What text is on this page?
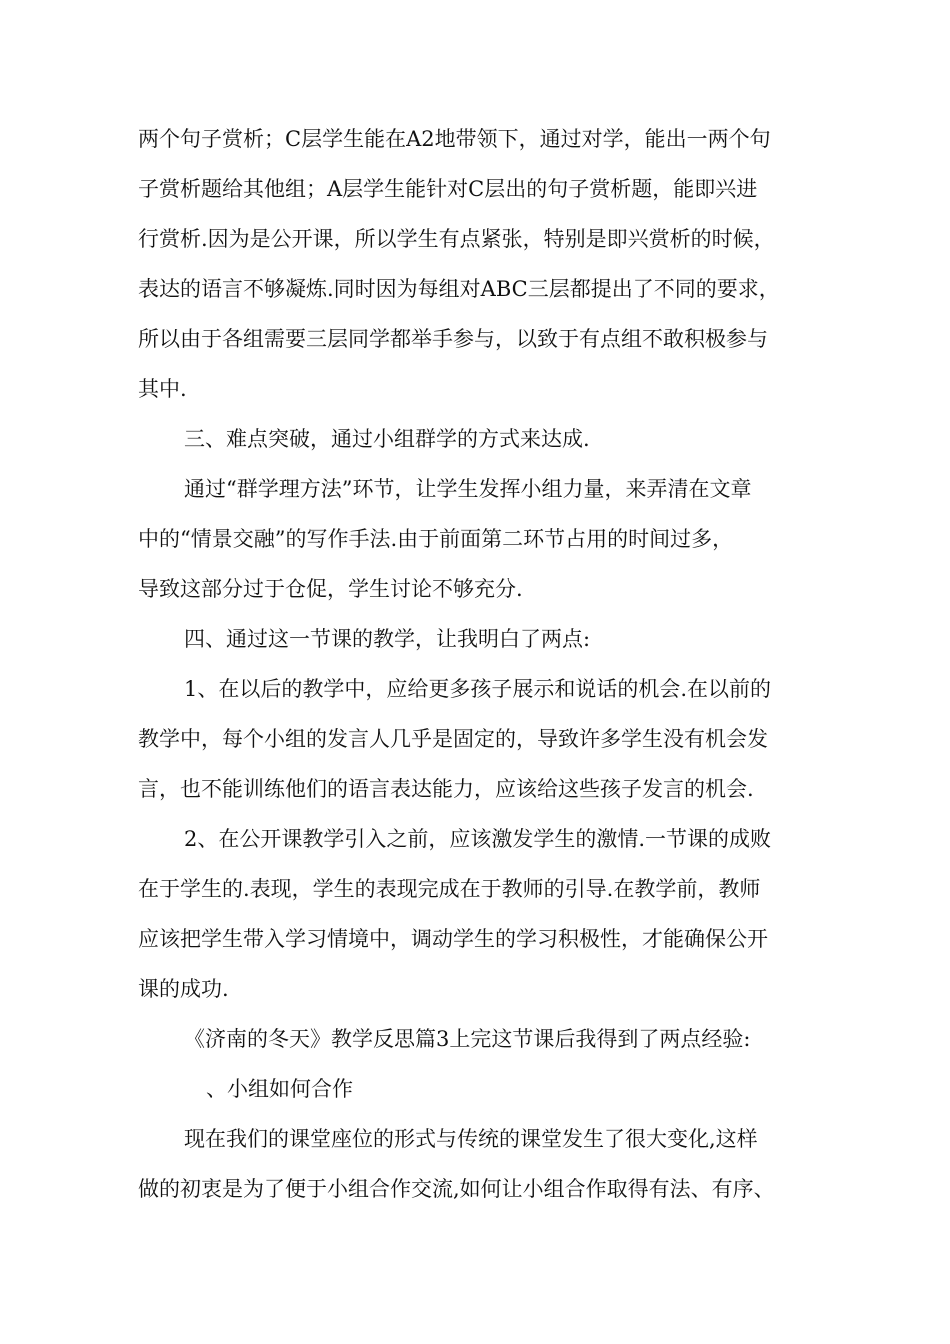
两个句子赏析；C层学生能在A2地带领下，通过对学，能出一两个句
子赏析题给其他组；A层学生能针对C层出的句子赏析题，能即兴进
行赏析.因为是公开课，所以学生有点紧张，特别是即兴赏析的时候，
表达的语言不够凝炼.同时因为每组对ABC三层都提出了不同的要求，
所以由于各组需要三层同学都举手参与，以致于有点组不敢积极参与
其中.
三、难点突破，通过小组群学的方式来达成.
通过“群学理方法”环节，让学生发挥小组力量，来弄清在文章
中的“情景交融”的写作手法.由于前面第二环节占用的时间过多，
导致这部分过于仓促，学生讨论不够充分.
四、通过这一节课的教学，让我明白了两点:
1、在以后的教学中，应给更多孩子展示和说话的机会.在以前的
教学中，每个小组的发言人几乎是固定的，导致许多学生没有机会发
言，也不能训练他们的语言表达能力，应该给这些孩子发言的机会.
2、在公开课教学引入之前，应该激发学生的激情.一节课的成败
在于学生的.表现，学生的表现完成在于教师的引导.在教学前，教师
应该把学生带入学习情境中，调动学生的学习积极性，才能确保公开
课的成功.
《济南的冬天》教学反思篇3上完这节课后我得到了两点经验:
、小组如何合作
现在我们的课堂座位的形式与传统的课堂发生了很大变化,这样
做的初衷是为了便于小组合作交流,如何让小组合作取得有法、有序、
